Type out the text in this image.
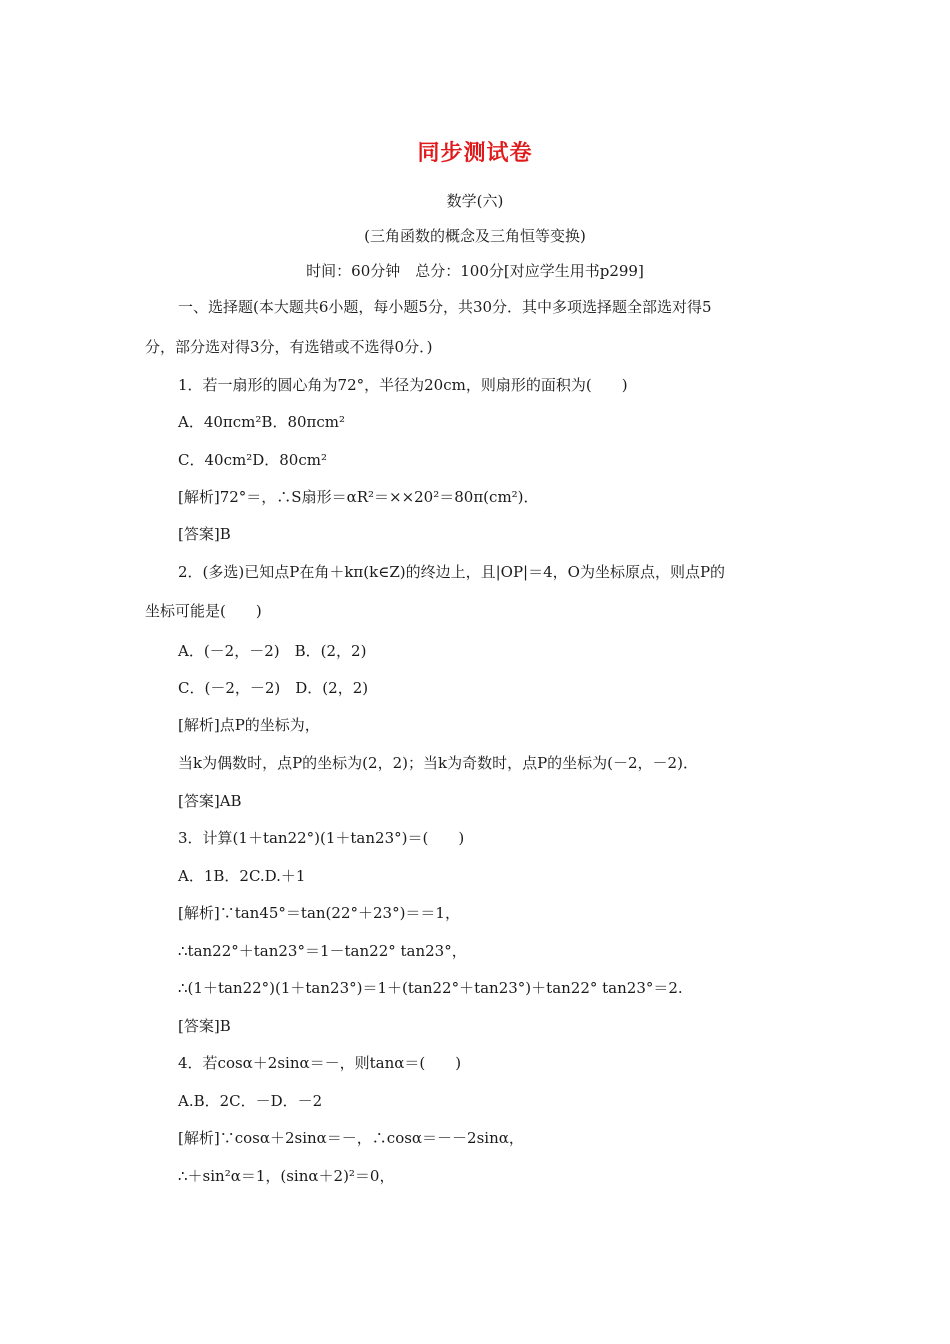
同步测试卷
数学(六)
(三角函数的概念及三角恒等变换)
时间：60分钟　总分：100分[对应学生用书p299]
一、选择题(本大题共6小题，每小题5分，共30分．其中多项选择题全部选对得5
分，部分选对得3分，有选错或不选得0分．)
1．若一扇形的圆心角为72°，半径为20cm，则扇形的面积为(　　)
A．40πcm²B．80πcm²
C．40cm²D．80cm²
[解析]72°＝，∴S扇形＝αR²＝××20²＝80π(cm²)．
[答案]B
2．(多选)已知点P在角＋kπ(k∈Z)的终边上，且|OP|＝4，O为坐标原点，则点P的
坐标可能是(　　)
A．(－2，－2)　B．(2，2)
C．(－2，－2)　D．(2，2)
[解析]点P的坐标为，
当k为偶数时，点P的坐标为(2，2)；当k为奇数时，点P的坐标为(－2，－2)．
[答案]AB
3．计算(1＋tan22°)(1＋tan23°)＝(　　)
A．1B．2C.D.＋1
[解析]∵tan45°＝tan(22°＋23°)＝＝1，
∴tan22°＋tan23°＝1－tan22° tan23°，
∴(1＋tan22°)(1＋tan23°)＝1＋(tan22°＋tan23°)＋tan22° tan23°＝2.
[答案]B
4．若cosα＋2sinα＝－，则tanα＝(　　)
A.B．2C．－D．－2
[解析]∵cosα＋2sinα＝－，∴cosα＝－－2sinα，
∴＋sin²α＝1，(sinα＋2)²＝0，
